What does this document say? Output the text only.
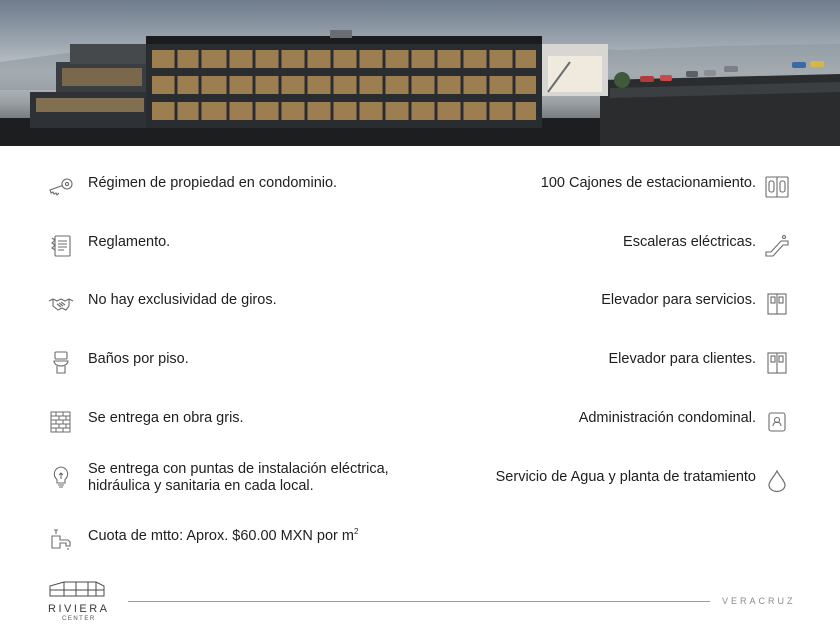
Régimen de propiedad en condominio.
Reglamento.
No hay exclusividad de giros.
Baños por piso.
Se entrega en obra gris.
Se entrega con puntas de instalación eléctrica,
hidráulica y sanitaria en cada local.
Cuota de mtto: Aprox. $60.00 MXN por $m^2$
100 Cajones de estacionamiento.
Escaleras eléctricas.
Elevador para servicios.
Elevador para clientes.
Administración condominal.
Servicio de Agua y planta de tratamiento
RIVIERA
CENTER
VERACRUZ
